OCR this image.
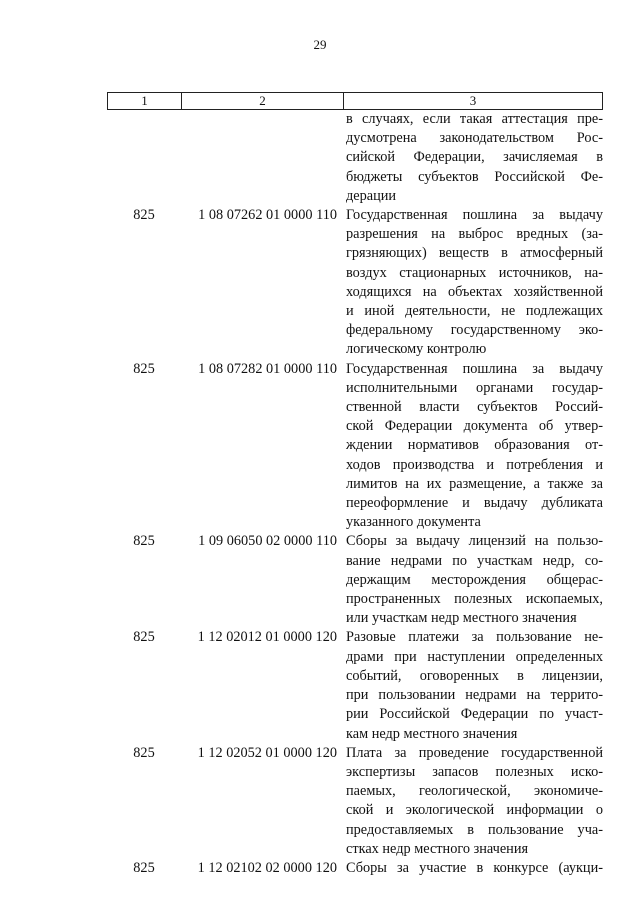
29
1	2	3
в случаях, если такая аттестация пре-
дусмотрена законодательством Рос-
сийской Федерации, зачисляемая в
бюджеты субъектов Российской Фе-
дерации
825	1 08 07262 01 0000 110 Государственная пошлина за выдачу
разрешения на выброс вредных (за-
грязняющих) веществ в атмосферный
воздух стационарных источников, на-
ходящихся на объектах хозяйственной
и иной деятельности, не подлежащих
федеральному государственному эко-
логическому контролю
825	1 08 07282 01 0000 110 Государственная пошлина за выдачу
исполнительными органами государ-
ственной власти субъектов Россий-
ской Федерации документа об утвер-
ждении нормативов образования от-
ходов производства и потребления и
лимитов на их размещение, а также за
переоформление и выдачу дубликата
указанного документа
825	1 09 06050 02 0000 110 Сборы за выдачу лицензий на пользо-
вание недрами по участкам недр, со-
держащим месторождения общерас-
пространенных полезных ископаемых,
или участкам недр местного значения
825	1 12 02012 01 0000 120 Разовые платежи за пользование не-
драми при наступлении определенных
событий, оговоренных в лицензии,
при пользовании недрами на террито-
рии Российской Федерации по участ-
кам недр местного значения
825	1 12 02052 01 0000 120 Плата за проведение государственной
экспертизы запасов полезных иско-
паемых, геологической, экономиче-
ской и экологической информации о
предоставляемых в пользование уча-
стках недр местного значения
825	1 12 02102 02 0000 120 Сборы за участие в конкурсе (аукци-
